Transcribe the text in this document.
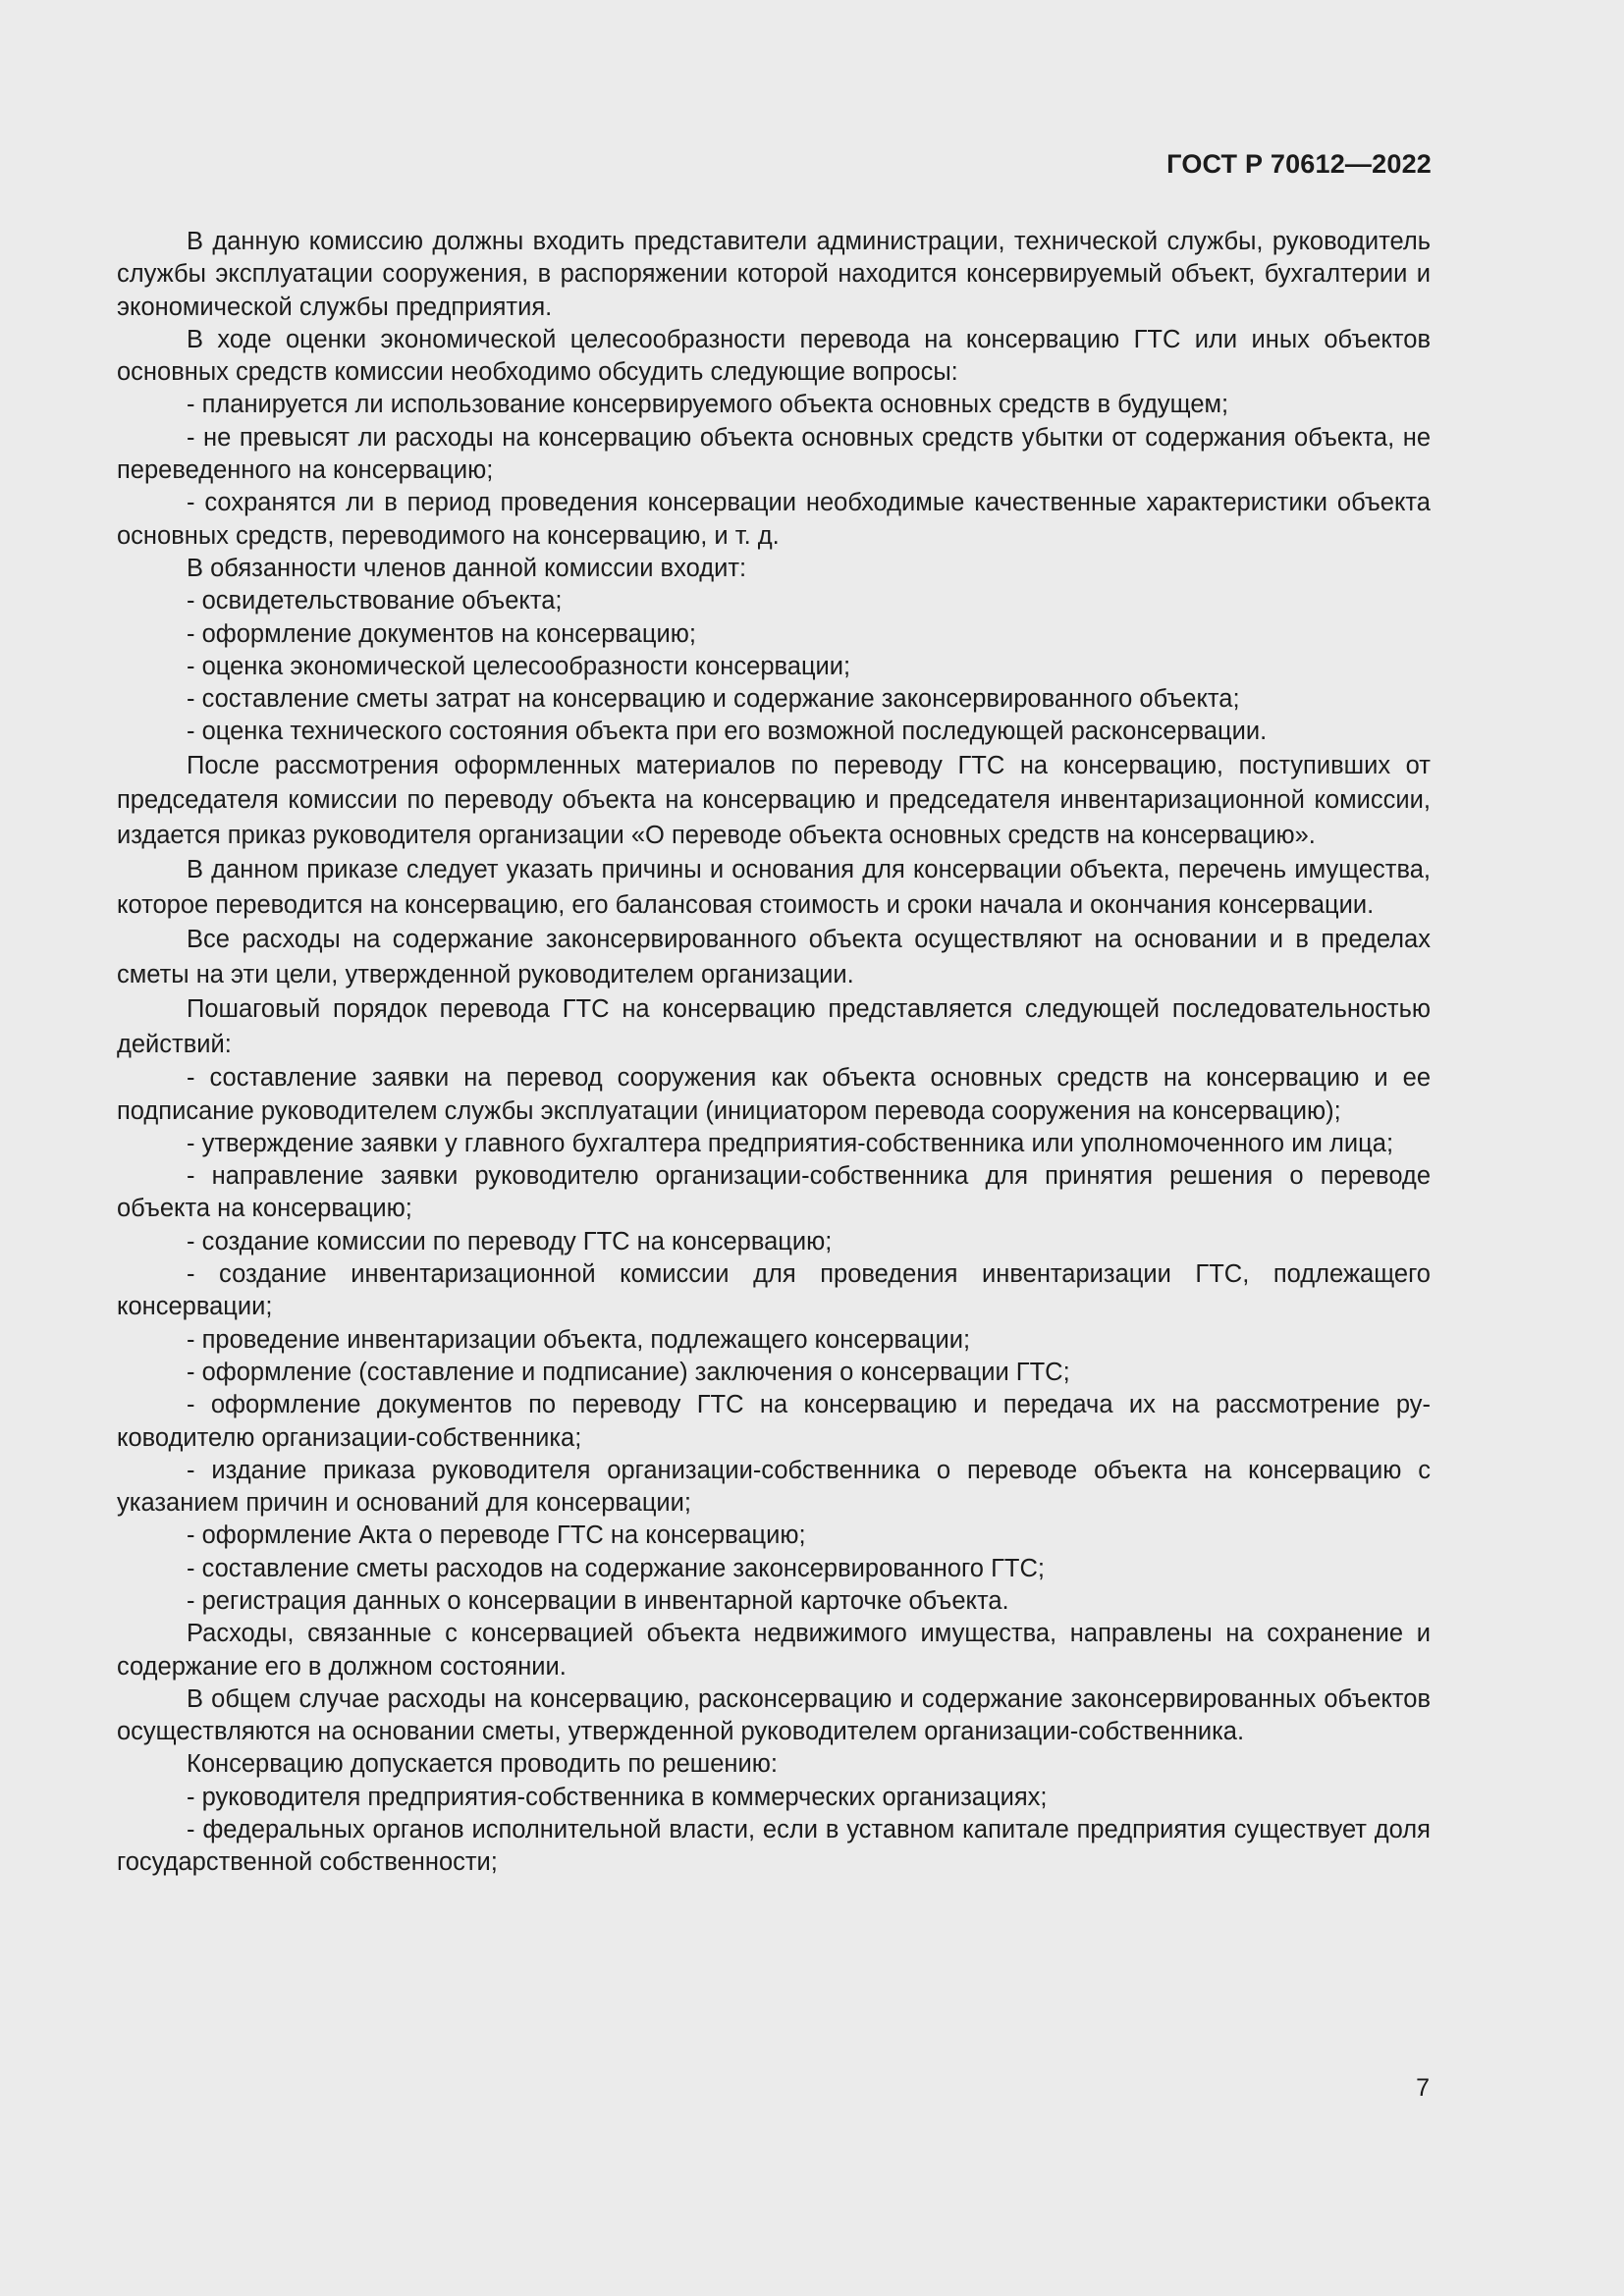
ГОСТ Р 70612—2022

В данную комиссию должны входить представители администрации, технической службы, руководитель службы эксплуатации сооружения, в распоряжении которой находится консервируемый объект, бухгалтерии и экономической службы предприятия.

В ходе оценки экономической целесообразности перевода на консервацию ГТС или иных объектов основных средств комиссии необходимо обсудить следующие вопросы:

- планируется ли использование консервируемого объекта основных средств в будущем;

- не превысят ли расходы на консервацию объекта основных средств убытки от содержания объекта, не переведенного на консервацию;

- сохранятся ли в период проведения консервации необходимые качественные характеристики объекта основных средств, переводимого на консервацию, и т. д.

В обязанности членов данной комиссии входит:

- освидетельствование объекта;

- оформление документов на консервацию;

- оценка экономической целесообразности консервации;

- составление сметы затрат на консервацию и содержание законсервированного объекта;

- оценка технического состояния объекта при его возможной последующей расконсервации.

После рассмотрения оформленных материалов по переводу ГТС на консервацию, поступивших от председателя комиссии по переводу объекта на консервацию и председателя инвентаризационной комиссии, издается приказ руководителя организации «О переводе объекта основных средств на консервацию».

В данном приказе следует указать причины и основания для консервации объекта, перечень имущества, которое переводится на консервацию, его балансовая стоимость и сроки начала и окончания консервации.

Все расходы на содержание законсервированного объекта осуществляют на основании и в пределах сметы на эти цели, утвержденной руководителем организации.

Пошаговый порядок перевода ГТС на консервацию представляется следующей последовательностью действий:

- составление заявки на перевод сооружения как объекта основных средств на консервацию и ее подписание руководителем службы эксплуатации (инициатором перевода сооружения на консервацию);

- утверждение заявки у главного бухгалтера предприятия-собственника или уполномоченного им лица;

- направление заявки руководителю организации-собственника для принятия решения о переводе объекта на консервацию;

- создание комиссии по переводу ГТС на консервацию;

- создание инвентаризационной комиссии для проведения инвентаризации ГТС, подлежащего консервации;

- проведение инвентаризации объекта, подлежащего консервации;

- оформление (составление и подписание) заключения о консервации ГТС;

- оформление документов по переводу ГТС на консервацию и передача их на рассмотрение руководителю организации-собственника;

- издание приказа руководителя организации-собственника о переводе объекта на консервацию с указанием причин и оснований для консервации;

- оформление Акта о переводе ГТС на консервацию;

- составление сметы расходов на содержание законсервированного ГТС;

- регистрация данных о консервации в инвентарной карточке объекта.

Расходы, связанные с консервацией объекта недвижимого имущества, направлены на сохранение и содержание его в должном состоянии.

В общем случае расходы на консервацию, расконсервацию и содержание законсервированных объектов осуществляются на основании сметы, утвержденной руководителем организации-собственника.

Консервацию допускается проводить по решению:

- руководителя предприятия-собственника в коммерческих организациях;

- федеральных органов исполнительной власти, если в уставном капитале предприятия существует доля государственной собственности;

7
